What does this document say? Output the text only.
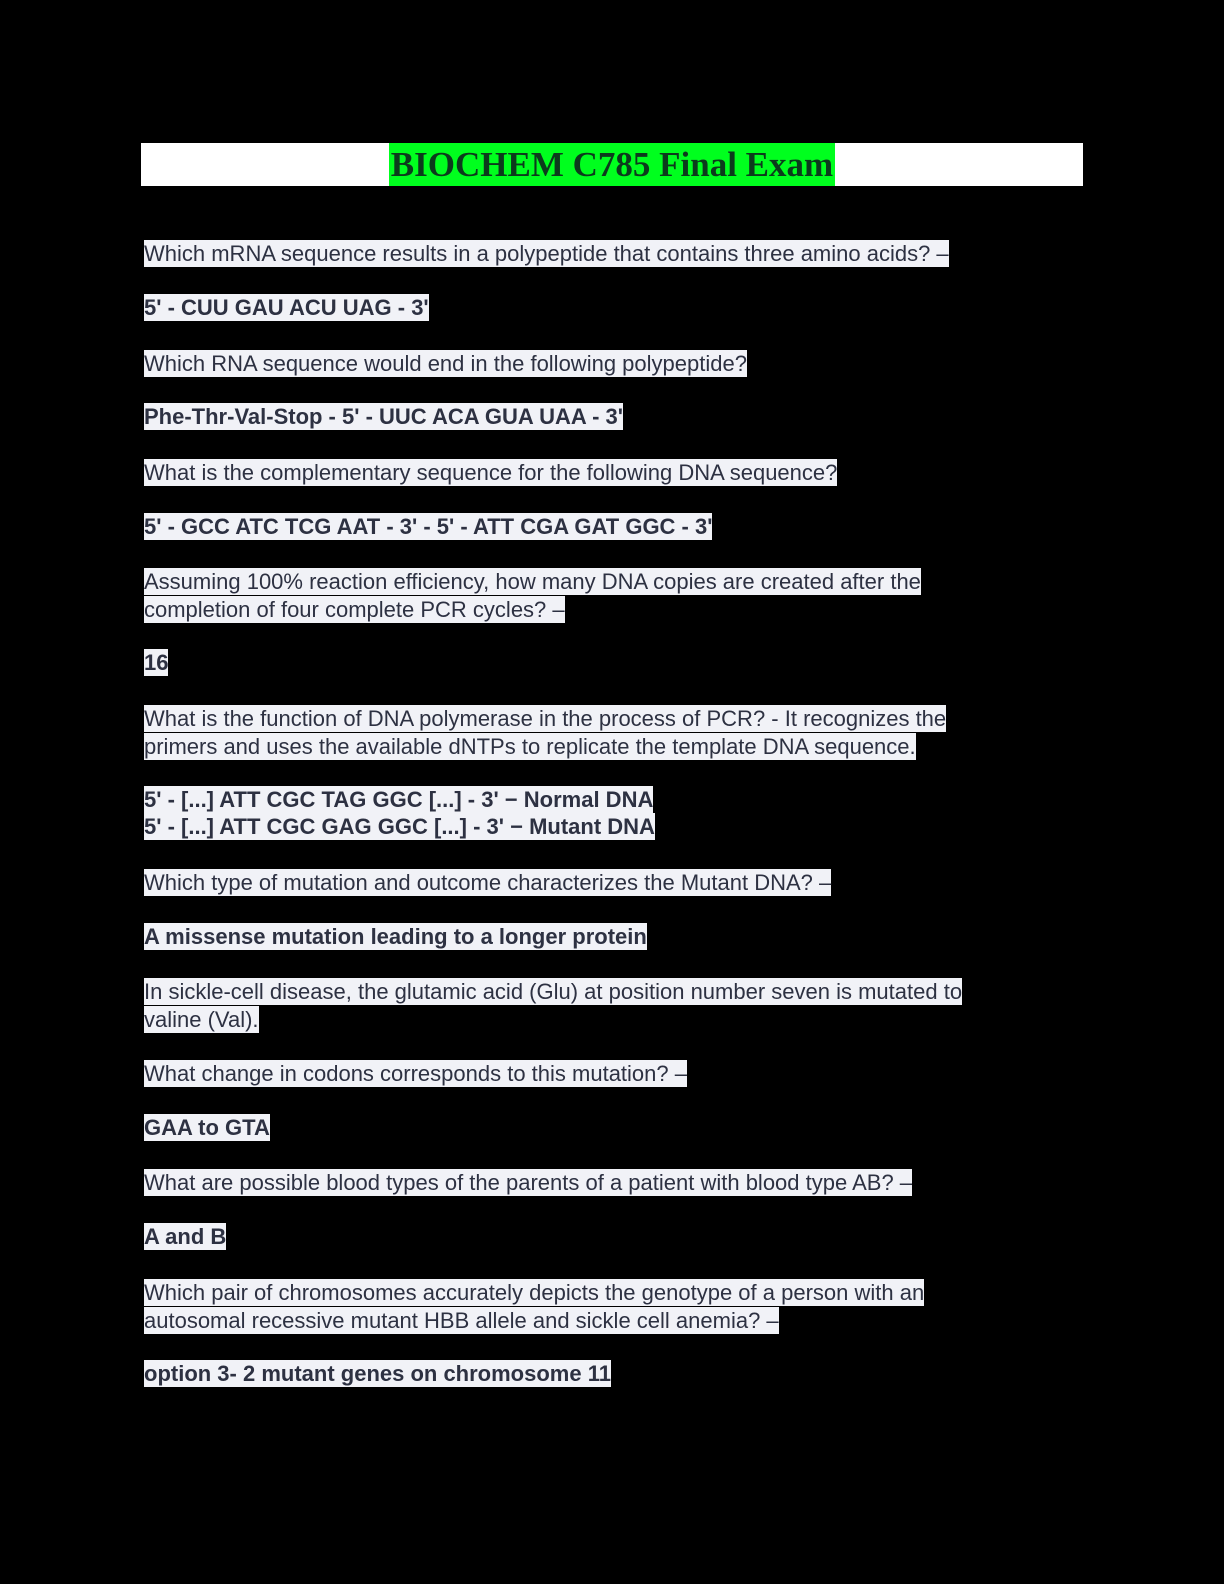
BIOCHEM C785 Final Exam
Which mRNA sequence results in a polypeptide that contains three amino acids? –
5' - CUU GAU ACU UAG - 3'
Which RNA sequence would end in the following polypeptide?
Phe-Thr-Val-Stop - 5' - UUC ACA GUA UAA - 3'
What is the complementary sequence for the following DNA sequence?
5' - GCC ATC TCG AAT - 3' - 5' - ATT CGA GAT GGC - 3'
Assuming 100% reaction efficiency, how many DNA copies are created after the
completion of four complete PCR cycles? –
16
What is the function of DNA polymerase in the process of PCR? - It recognizes the
primers and uses the available dNTPs to replicate the template DNA sequence.
5' - [...] ATT CGC TAG GGC [...] - 3' − Normal DNA
5' - [...] ATT CGC GAG GGC [...] - 3' − Mutant DNA
Which type of mutation and outcome characterizes the Mutant DNA? –
A missense mutation leading to a longer protein
In sickle-cell disease, the glutamic acid (Glu) at position number seven is mutated to
valine (Val).
What change in codons corresponds to this mutation? –
GAA to GTA
What are possible blood types of the parents of a patient with blood type AB? –
A and B
Which pair of chromosomes accurately depicts the genotype of a person with an
autosomal recessive mutant HBB allele and sickle cell anemia? –
option 3- 2 mutant genes on chromosome 11
